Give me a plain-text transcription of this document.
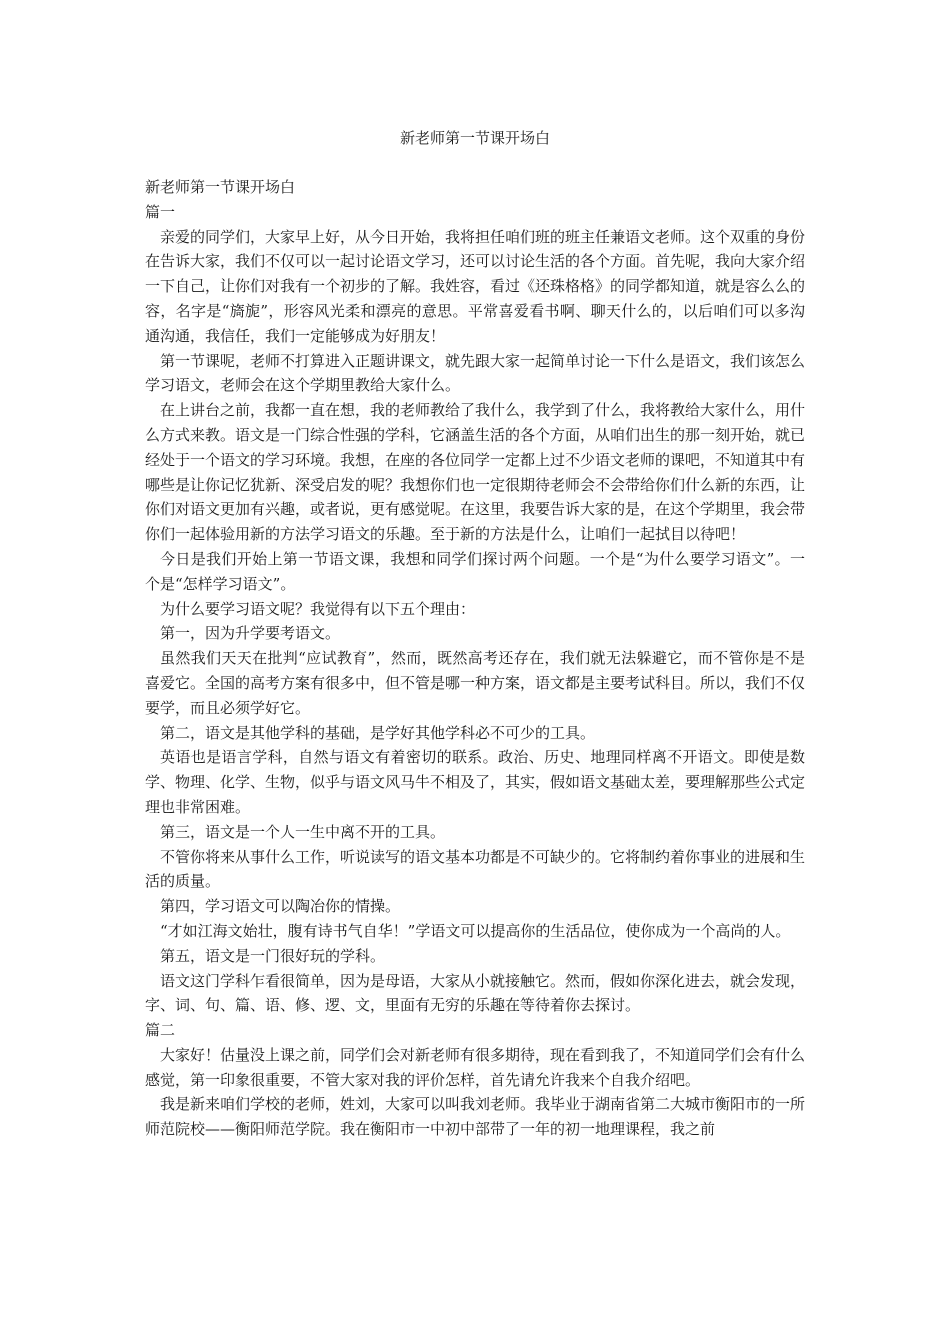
新老师第一节课开场白

新老师第一节课开场白

篇一

亲爱的同学们，大家早上好，从今日开始，我将担任咱们班的班主任兼语文老师。这个双重的身份在告诉大家，我们不仅可以一起讨论语文学习，还可以讨论生活的各个方面。首先呢，我向大家介绍一下自己，让你们对我有一个初步的了解。我姓容，看过《还珠格格》的同学都知道，就是容么么的容，名字是“旖旎”，形容风光柔和漂亮的意思。平常喜爱看书啊、聊天什么的，以后咱们可以多沟通沟通，我信任，我们一定能够成为好朋友！

第一节课呢，老师不打算进入正题讲课文，就先跟大家一起简单讨论一下什么是语文，我们该怎么学习语文，老师会在这个学期里教给大家什么。

在上讲台之前，我都一直在想，我的老师教给了我什么，我学到了什么，我将教给大家什么，用什么方式来教。语文是一门综合性强的学科，它涵盖生活的各个方面，从咱们出生的那一刻开始，就已经处于一个语文的学习环境。我想，在座的各位同学一定都上过不少语文老师的课吧，不知道其中有哪些是让你记忆犹新、深受启发的呢？我想你们也一定很期待老师会不会带给你们什么新的东西，让你们对语文更加有兴趣，或者说，更有感觉呢。在这里，我要告诉大家的是，在这个学期里，我会带你们一起体验用新的方法学习语文的乐趣。至于新的方法是什么，让咱们一起拭目以待吧！

今日是我们开始上第一节语文课，我想和同学们探讨两个问题。一个是“为什么要学习语文”。一个是“怎样学习语文”。

为什么要学习语文呢？我觉得有以下五个理由：

第一，因为升学要考语文。

虽然我们天天在批判“应试教育”，然而，既然高考还存在，我们就无法躲避它，而不管你是不是喜爱它。全国的高考方案有很多中，但不管是哪一种方案，语文都是主要考试科目。所以，我们不仅要学，而且必须学好它。

第二，语文是其他学科的基础，是学好其他学科必不可少的工具。

英语也是语言学科，自然与语文有着密切的联系。政治、历史、地理同样离不开语文。即使是数学、物理、化学、生物，似乎与语文风马牛不相及了，其实，假如语文基础太差，要理解那些公式定理也非常困难。

第三，语文是一个人一生中离不开的工具。

不管你将来从事什么工作，听说读写的语文基本功都是不可缺少的。它将制约着你事业的进展和生活的质量。

第四，学习语文可以陶冶你的情操。

“才如江海文始壮，腹有诗书气自华！”学语文可以提高你的生活品位，使你成为一个高尚的人。

第五，语文是一门很好玩的学科。

语文这门学科乍看很简单，因为是母语，大家从小就接触它。然而，假如你深化进去，就会发现，字、词、句、篇、语、修、逻、文，里面有无穷的乐趣在等待着你去探讨。

篇二

大家好！估量没上课之前，同学们会对新老师有很多期待，现在看到我了，不知道同学们会有什么感觉，第一印象很重要，不管大家对我的评价怎样，首先请允许我来个自我介绍吧。

我是新来咱们学校的老师，姓刘，大家可以叫我刘老师。我毕业于湖南省第二大城市衡阳市的一所师范院校——衡阳师范学院。我在衡阳市一中初中部带了一年的初一地理课程，我之前
